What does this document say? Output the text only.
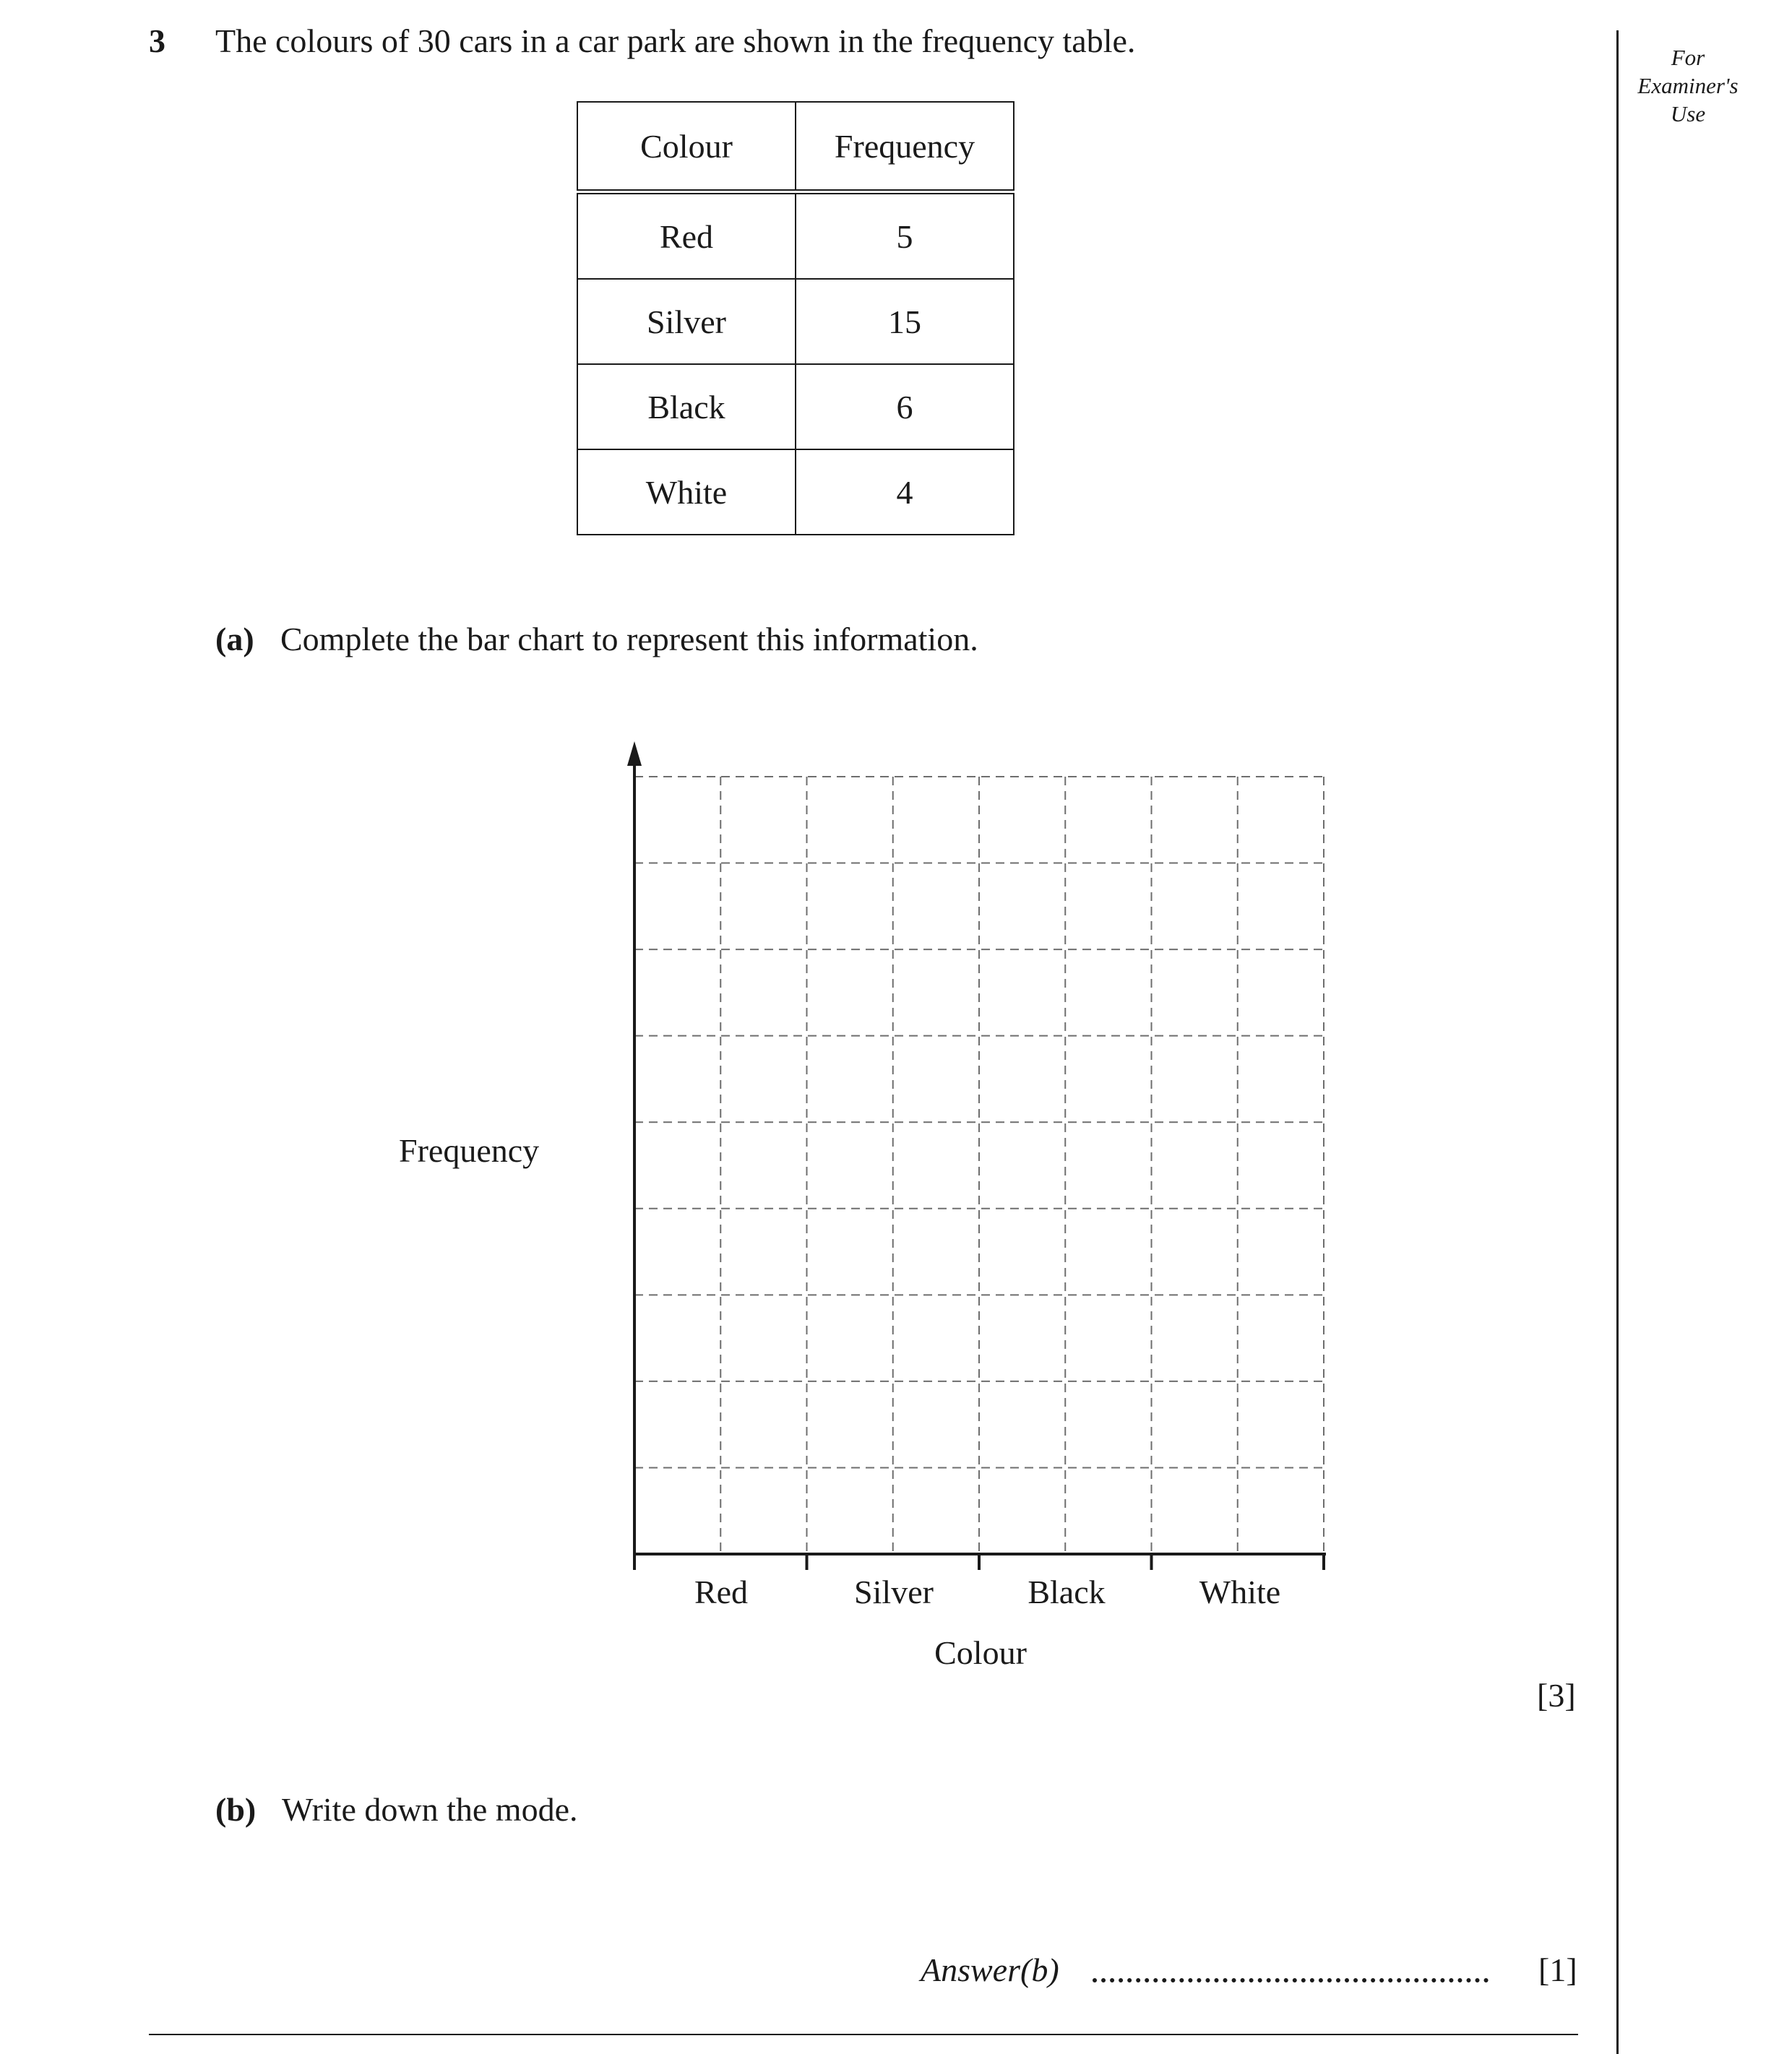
3 The colours of 30 cars in a car park are shown in the frequency table.	For
Examiner's
Use
Colour	Frequency
Red	5
Silver	15
Black	6
White	4
(a) Complete the bar chart to represent this information.
Red	Silver	Black	White
Colour
Frequency
[3]
(b) Write down the mode.
Answer(b)	[1]
